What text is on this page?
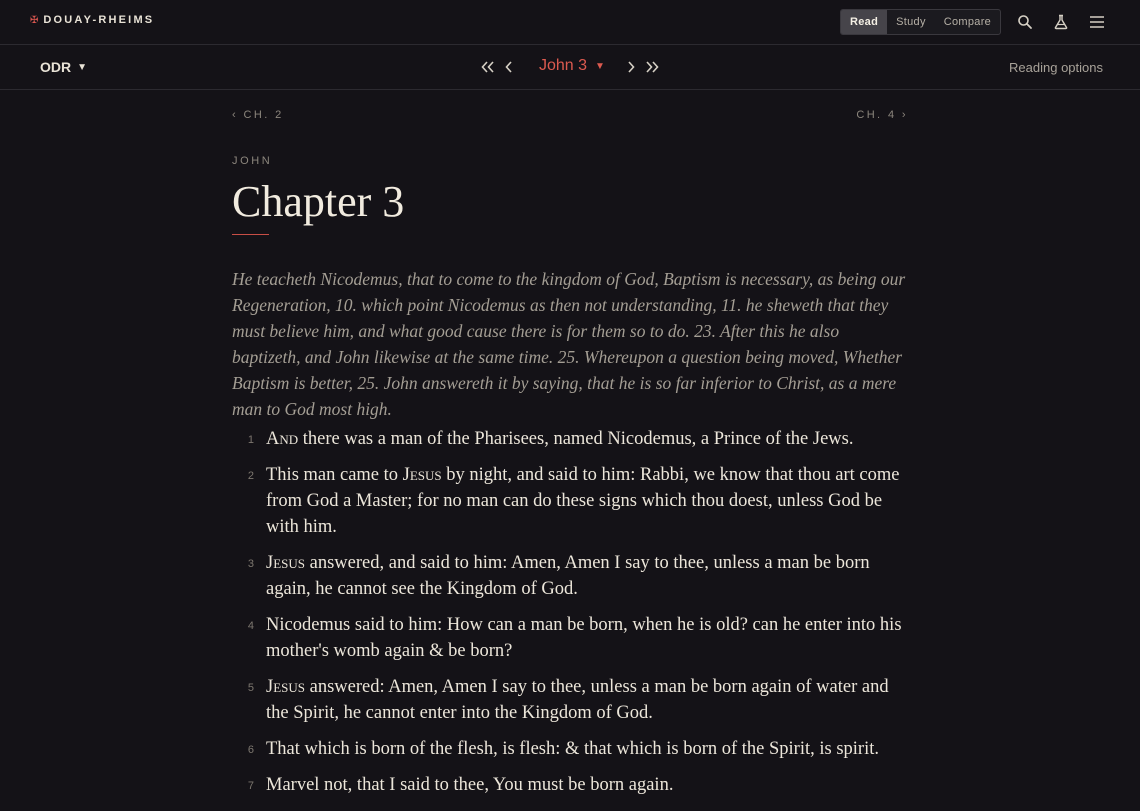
✠ DOUAY-RHEIMS	Read	Study	Compare
ODR ▼	John 3 ▼	Reading options
‹ CH. 2	CH. 4 ›
JOHN
Chapter 3

He teacheth Nicodemus, that to come to the kingdom of God, Baptism is necessary, as being our Regeneration, 10. which point Nicodemus as then not understanding, 11. he sheweth that they must believe him, and what good cause there is for them so to do. 23. After this he also baptizeth, and John likewise at the same time. 25. Whereupon a question being moved, Whether Baptism is better, 25. John answereth it by saying, that he is so far inferior to Christ, as a mere man to God most high.

1 And there was a man of the Pharisees, named Nicodemus, a Prince of the Jews.
2 This man came to Jesus by night, and said to him: Rabbi, we know that thou art come from God a Master; for no man can do these signs which thou doest, unless God be with him.
3 Jesus answered, and said to him: Amen, Amen I say to thee, unless a man be born again, he cannot see the Kingdom of God.
4 Nicodemus said to him: How can a man be born, when he is old? can he enter into his mother's womb again & be born?
5 Jesus answered: Amen, Amen I say to thee, unless a man be born again of water and the Spirit, he cannot enter into the Kingdom of God.
6 That which is born of the flesh, is flesh: & that which is born of the Spirit, is spirit.
7 Marvel not, that I said to thee, You must be born again.
